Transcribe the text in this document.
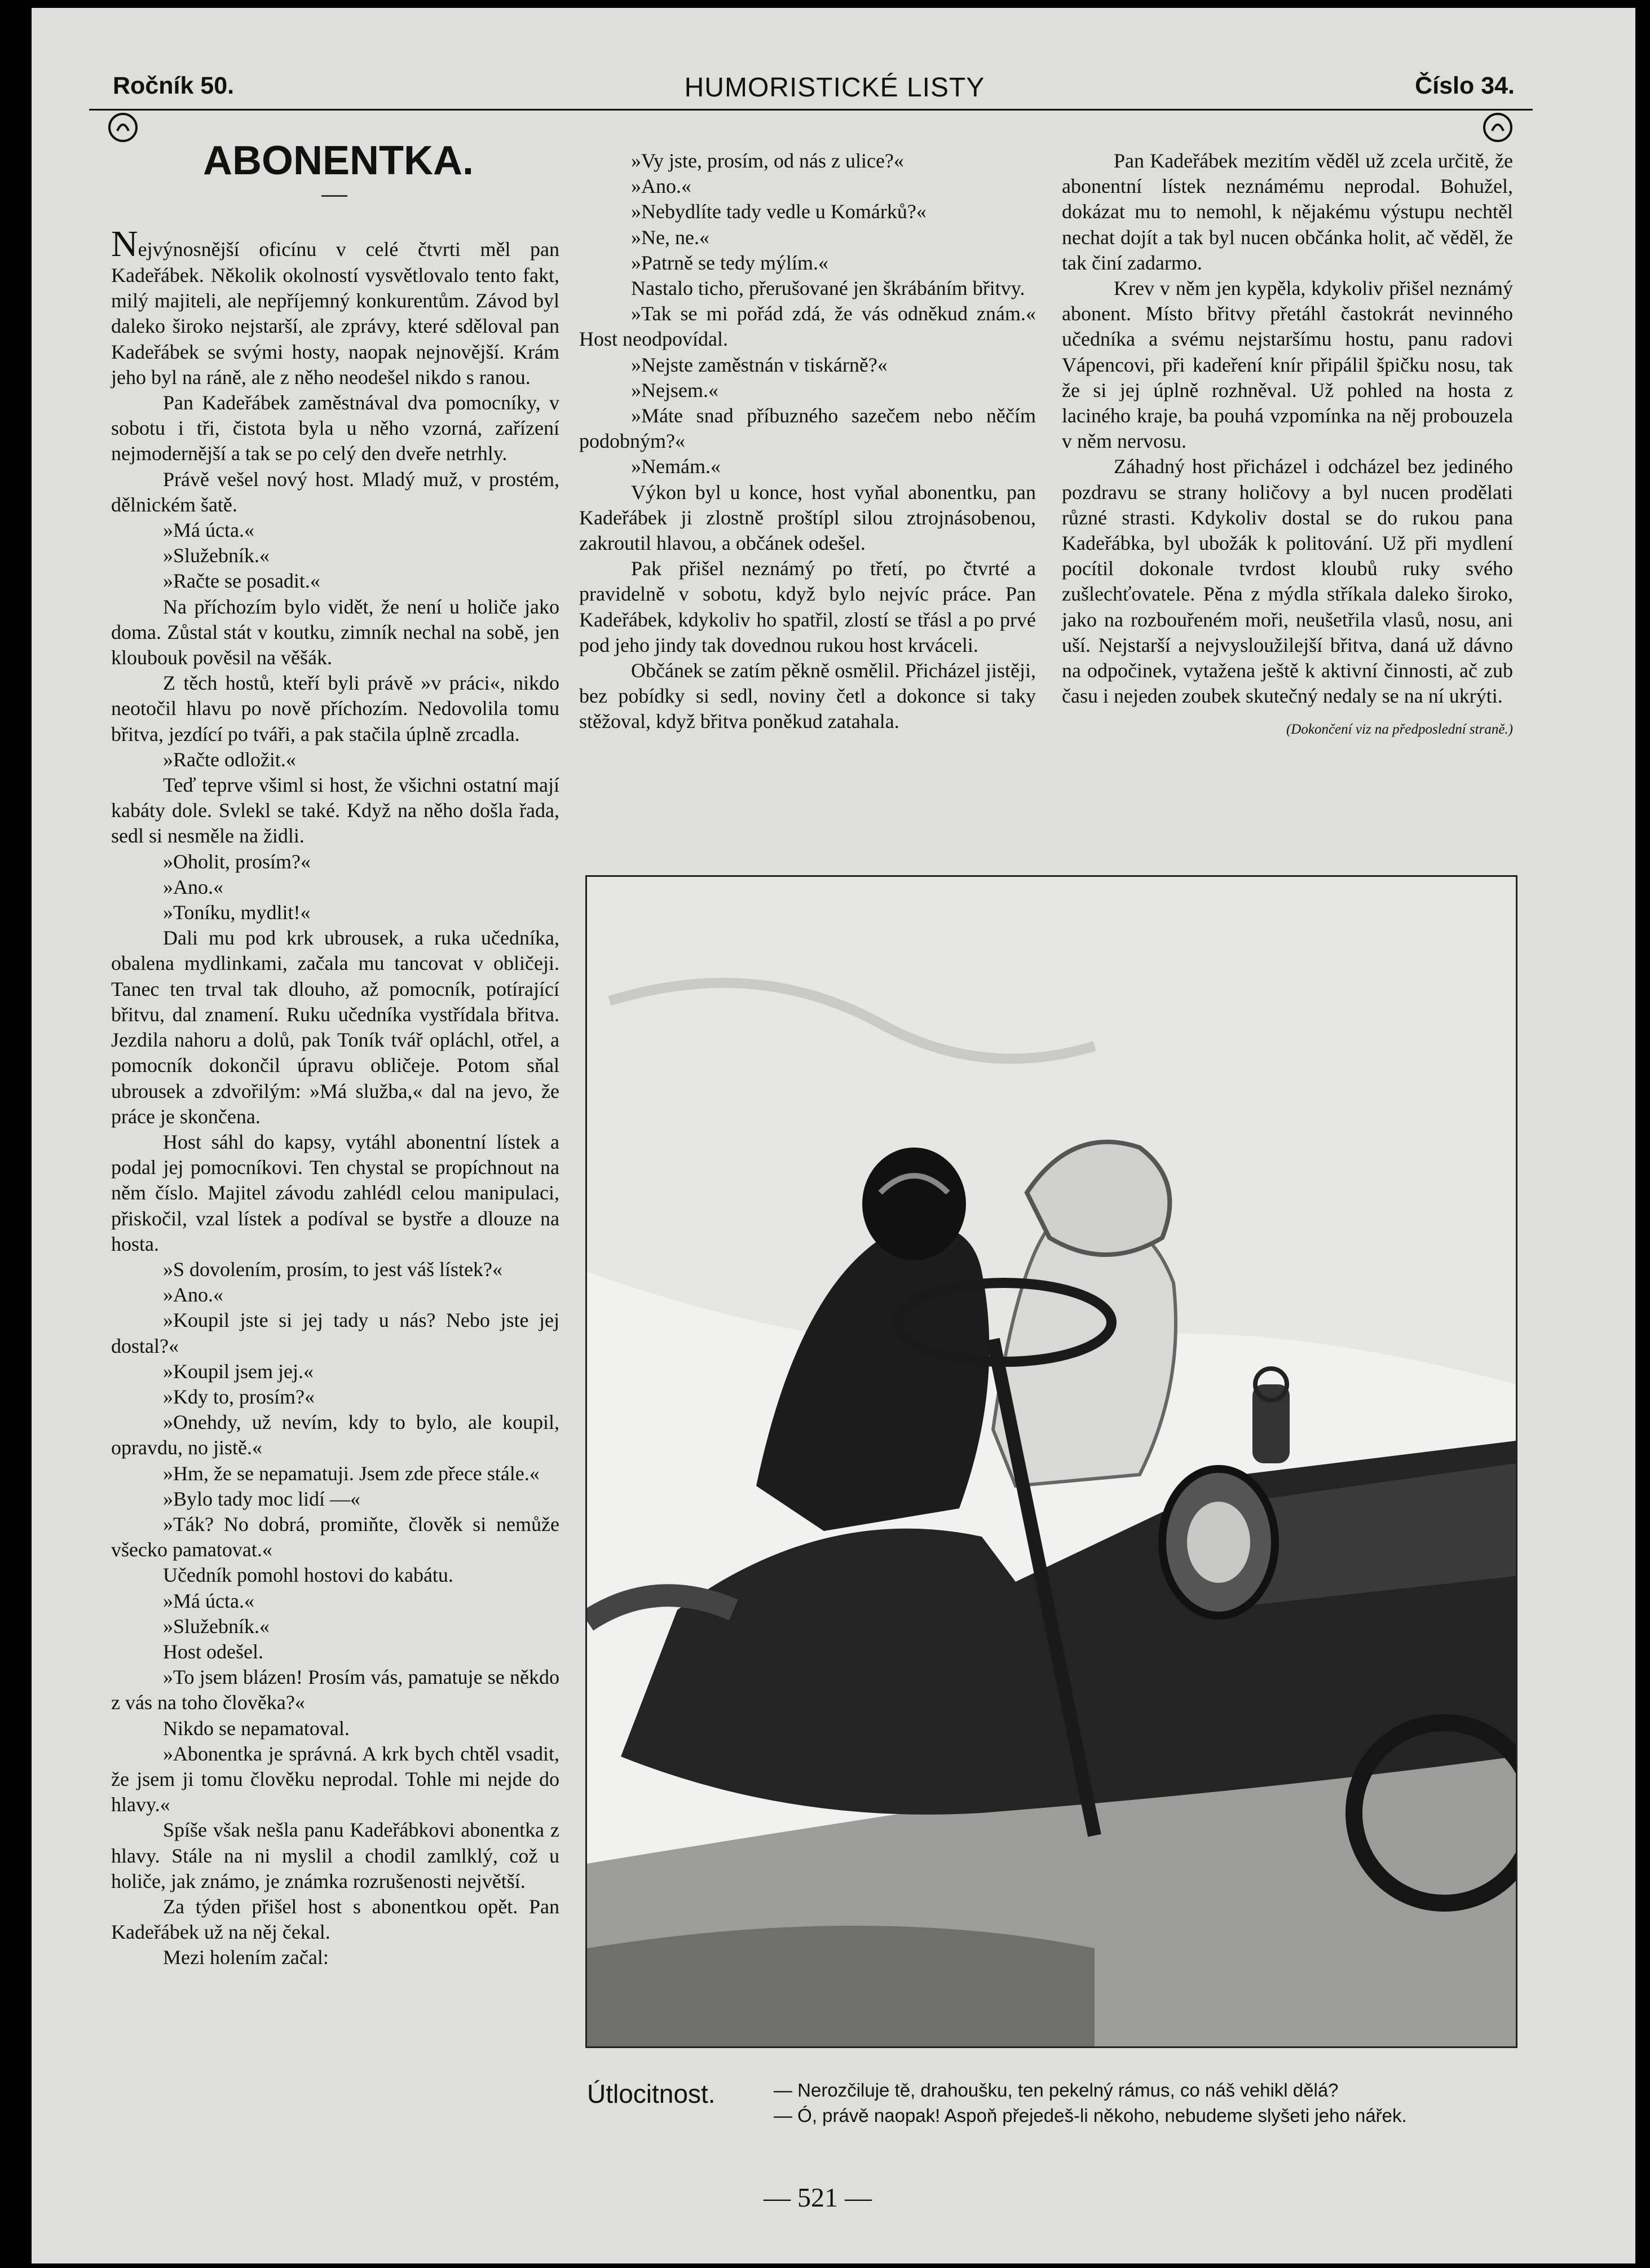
Ročník 50.	HUMORISTICKÉ LISTY	Číslo 34.

ABONENTKA.

Nejvýnosnější oficínu v celé čtvrti měl pan Kadeřábek. Několik okolností vysvětlovalo tento fakt, milý majiteli, ale nepříjemný konkurentům. Závod byl daleko široko nejstarší, ale zprávy, které sděloval pan Kadeřábek se svými hosty, naopak nejnovější. Krám jeho byl na ráně, ale z něho neodešel nikdo s ranou.

Pan Kadeřábek zaměstnával dva pomocníky, v sobotu i tři, čistota byla u něho vzorná, zařízení nejmodernější a tak se po celý den dveře netrhly.

Právě vešel nový host. Mladý muž, v prostém, dělnickém šatě.

»Má úcta.«

»Služebník.«

»Račte se posadit.«

Na příchozím bylo vidět, že není u holiče jako doma. Zůstal stát v koutku, zimník nechal na sobě, jen kloubouk pověsil na věšák.

Z těch hostů, kteří byli právě »v práci«, nikdo neotočil hlavu po nově příchozím. Nedovolila tomu břitva, jezdící po tváři, a pak stačila úplně zrcadla.

»Račte odložit.«

Teď teprve všiml si host, že všichni ostatní mají kabáty dole. Svlekl se také. Když na něho došla řada, sedl si nesměle na židli.

»Oholit, prosím?«

»Ano.«

»Toníku, mydlit!«

Dali mu pod krk ubrousek, a ruka učedníka, obalena mydlinkami, začala mu tancovat v obličeji. Tanec ten trval tak dlouho, až pomocník, potírající břitvu, dal znamení. Ruku učedníka vystřídala břitva. Jezdila nahoru a dolů, pak Toník tvář opláchl, otřel, a pomocník dokončil úpravu obličeje. Potom sňal ubrousek a zdvořilým: »Má služba,« dal na jevo, že práce je skončena.

Host sáhl do kapsy, vytáhl abonentní lístek a podal jej pomocníkovi. Ten chystal se propíchnout na něm číslo. Majitel závodu zahlédl celou manipulaci, přiskočil, vzal lístek a podíval se bystře a dlouze na hosta.

»S dovolením, prosím, to jest váš lístek?«

»Ano.«

»Koupil jste si jej tady u nás? Nebo jste jej dostal?«

»Koupil jsem jej.«

»Kdy to, prosím?«

»Onehdy, už nevím, kdy to bylo, ale koupil, opravdu, no jistě.«

»Hm, že se nepamatuji. Jsem zde přece stále.«

»Bylo tady moc lidí —«

»Ták? No dobrá, promiňte, člověk si nemůže všecko pamatovat.«

Učedník pomohl hostovi do kabátu.

»Má úcta.«

»Služebník.«

Host odešel.

»To jsem blázen! Prosím vás, pamatuje se někdo z vás na toho člověka?«

Nikdo se nepamatoval.

»Abonentka je správná. A krk bych chtěl vsadit, že jsem ji tomu člověku neprodal. Tohle mi nejde do hlavy.«

Spíše však nešla panu Kadeřábkovi abonentka z hlavy. Stále na ni myslil a chodil zamlklý, což u holiče, jak známo, je známka rozrušenosti největší.

Za týden přišel host s abonentkou opět. Pan Kadeřábek už na něj čekal.

Mezi holením začal:

»Vy jste, prosím, od nás z ulice?«

»Ano.«

»Nebydlíte tady vedle u Komárků?«

»Ne, ne.«

»Patrně se tedy mýlím.«

Nastalo ticho, přerušované jen škrábáním břitvy.

»Tak se mi pořád zdá, že vás odněkud znám.« Host neodpovídal.

»Nejste zaměstnán v tiskárně?«

»Nejsem.«

»Máte snad příbuzného sazečem nebo něčím podobným?«

»Nemám.«

Výkon byl u konce, host vyňal abonentku, pan Kadeřábek ji zlostně proštípl silou ztrojnásobenou, zakroutil hlavou, a občánek odešel.

Pak přišel neznámý po třetí, po čtvrté a pravidelně v sobotu, když bylo nejvíc práce. Pan Kadeřábek, kdykoliv ho spatřil, zlostí se třásl a po prvé pod jeho jindy tak dovednou rukou host krváceli.

Občánek se zatím pěkně osmělil. Přicházel jistěji, bez pobídky si sedl, noviny četl a dokonce si taky stěžoval, když břitva poněkud zatahala.

Pan Kadeřábek mezitím věděl už zcela určitě, že abonentní lístek neznámému neprodal. Bohužel, dokázat mu to nemohl, k nějakému výstupu nechtěl nechat dojít a tak byl nucen občánka holit, ač věděl, že tak činí zadarmo.

Krev v něm jen kypěla, kdykoliv přišel neznámý abonent. Místo břitvy přetáhl častokrát nevinného učedníka a svému nejstaršímu hostu, panu radovi Vápencovi, při kadeření knír připálil špičku nosu, tak že si jej úplně rozhněval. Už pohled na hosta z laciného kraje, ba pouhá vzpomínka na něj probouzela v něm nervosu.

Záhadný host přicházel i odcházel bez jediného pozdravu se strany holičovy a byl nucen prodělati různé strasti. Kdykoliv dostal se do rukou pana Kadeřábka, byl ubožák k politování. Už při mydlení pocítil dokonale tvrdost kloubů ruky svého zušlechťovatele. Pěna z mýdla stříkala daleko široko, jako na rozbouřeném moři, neušetřila vlasů, nosu, ani uší. Nejstarší a nejvysloužilejší břitva, daná už dávno na odpočinek, vytažena ještě k aktivní činnosti, ač zub času i nejeden zoubek skutečný nedaly se na ní ukrýti.

(Dokončení viz na předposlední straně.)

Útlocitnost.	— Nerozčiluje tě, drahoušku, ten pekelný rámus, co náš vehikl dělá?

— Ó, právě naopak! Aspoň přejedeš-li někoho, nebudeme slyšeti jeho nářek.

— 521 —
